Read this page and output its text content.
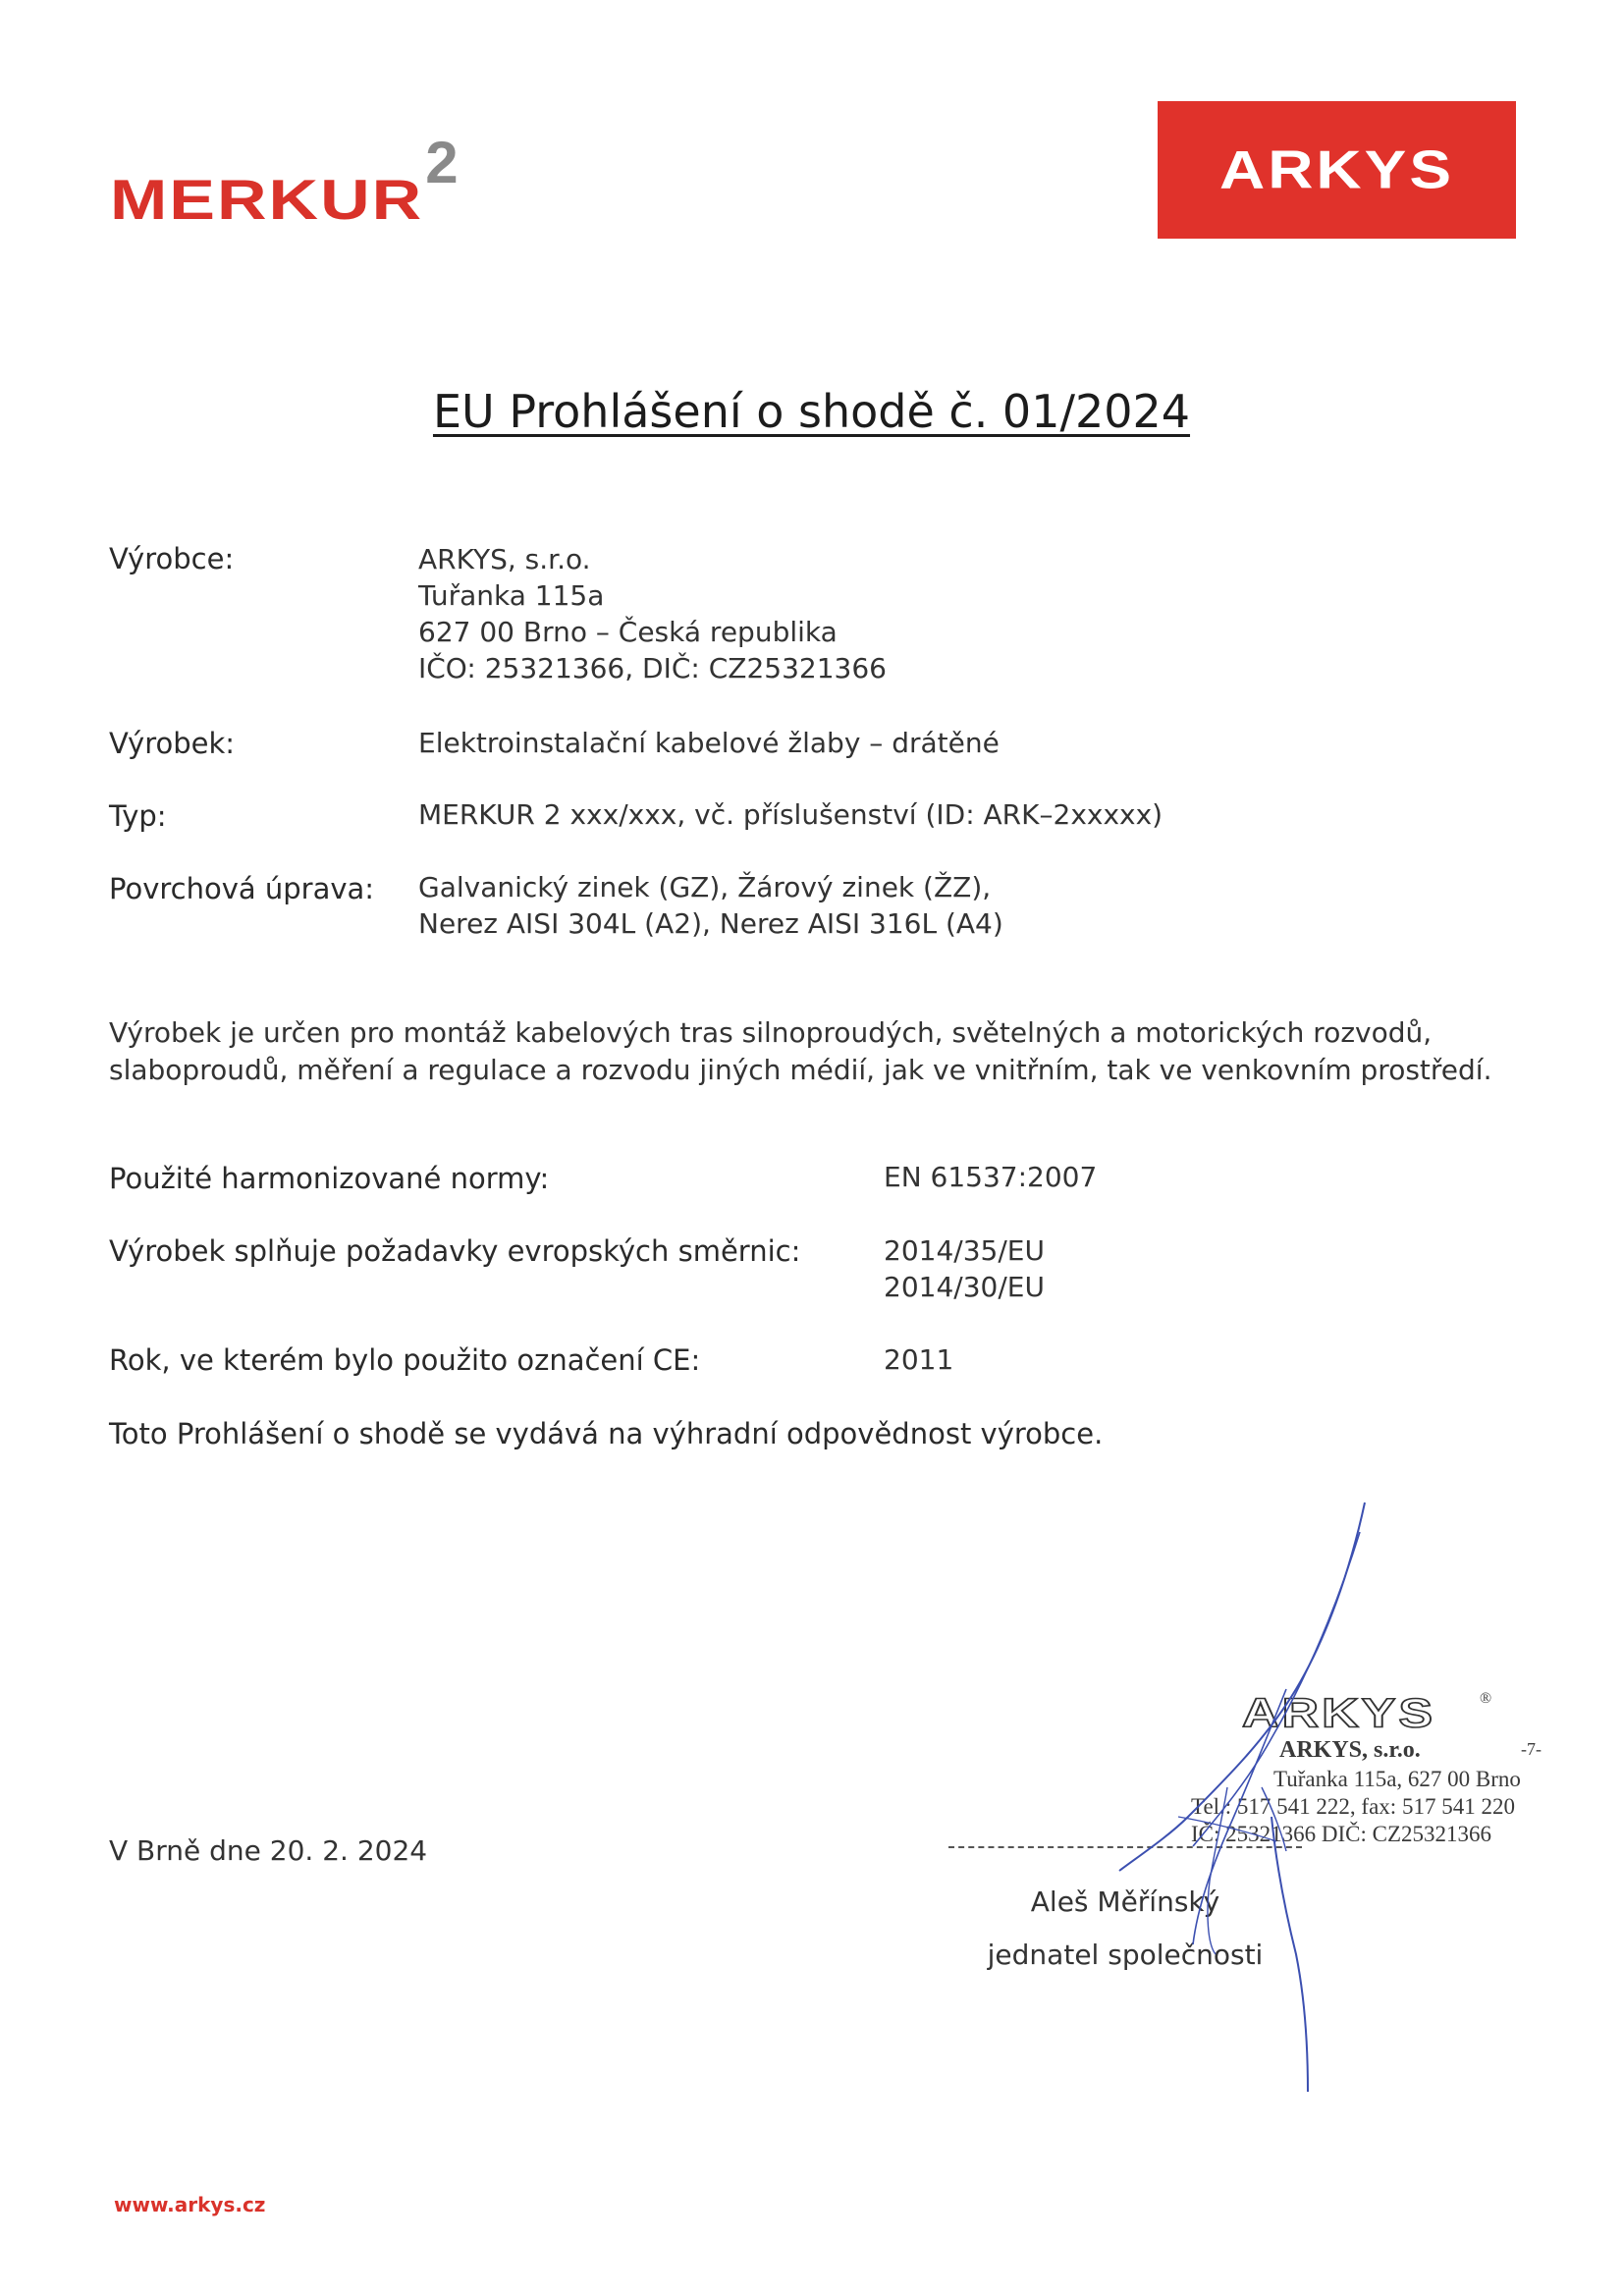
MERKUR2	ARKYS
EU Prohlášení o shodě č. 01/2024
Výrobce:	ARKYS, s.r.o.
Tuřanka 115a
627 00 Brno – Česká republika
IČO: 25321366, DIČ: CZ25321366
Výrobek:	Elektroinstalační kabelové žlaby – drátěné
Typ:	MERKUR 2 xxx/xxx, vč. příslušenství (ID: ARK–2xxxxx)
Povrchová úprava: Galvanický zinek (GZ), Žárový zinek (ŽZ),
Nerez AISI 304L (A2), Nerez AISI 316L (A4)
Výrobek je určen pro montáž kabelových tras silnoproudých, světelných a motorických rozvodů,
slaboproudů, měření a regulace a rozvodu jiných médií, jak ve vnitřním, tak ve venkovním prostředí.
Použité harmonizované normy:	EN 61537:2007
Výrobek splňuje požadavky evropských směrnic:	2014/35/EU
2014/30/EU
Rok, ve kterém bylo použito označení CE:	2011
Toto Prohlášení o shodě se vydává na výhradní odpovědnost výrobce.
V Brně dne 20. 2. 2024
ARKYS	®
ARKYS, s.r.o.	-7-
Tuřanka 115a, 627 00 Brno
Tel.: 517 541 222, fax: 517 541 220
IČ: 25321366 DIČ: CZ25321366
Aleš Měřínský
jednatel společnosti
www.arkys.cz
